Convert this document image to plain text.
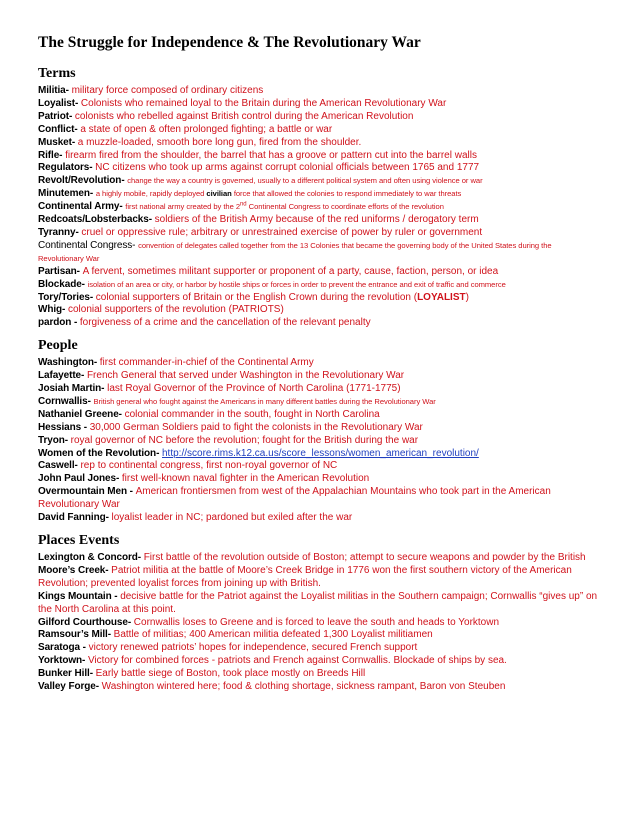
The Struggle for Independence & The Revolutionary War
Terms
Militia- military force composed of ordinary citizens
Loyalist- Colonists who remained loyal to the Britain during the American Revolutionary War
Patriot- colonists who rebelled against British control during the American Revolution
Conflict- a state of open & often prolonged fighting; a battle or war
Musket- a muzzle-loaded, smooth bore long gun, fired from the shoulder.
Rifle- firearm fired from the shoulder, the barrel that has a groove or pattern cut into the barrel walls
Regulators- NC citizens who took up arms against corrupt colonial officials between 1765 and 1777
Revolt/Revolution- change the way a country is governed, usually to a different political system and often using violence or war
Minutemen- a highly mobile, rapidly deployed civilian force that allowed the colonies to respond immediately to war threats
Continental Army- first national army created by the 2nd Continental Congress to coordinate efforts of the revolution
Redcoats/Lobsterbacks- soldiers of the British Army because of the red uniforms / derogatory term
Tyranny- cruel or oppressive rule; arbitrary or unrestrained exercise of power by ruler or government
Continental Congress- convention of delegates called together from the 13 Colonies that became the governing body of the United States during the Revolutionary War
Partisan- A fervent, sometimes militant supporter or proponent of a party, cause, faction, person, or idea
Blockade- isolation of an area or city, or harbor by hostile ships or forces in order to prevent the entrance and exit of traffic and commerce
Tory/Tories- colonial supporters of Britain or the English Crown during the revolution (LOYALIST)
Whig- colonial supporters of the revolution (PATRIOTS)
pardon - forgiveness of a crime and the cancellation of the relevant penalty
People
Washington- first commander-in-chief of the Continental Army
Lafayette- French General that served under Washington in the Revolutionary War
Josiah Martin- last Royal Governor of the Province of North Carolina (1771-1775)
Cornwallis- British general who fought against the Americans in many different battles during the Revolutionary War
Nathaniel Greene- colonial commander in the south, fought in North Carolina
Hessians - 30,000 German Soldiers paid to fight the colonists in the Revolutionary War
Tryon- royal governor of NC before the revolution; fought for the British during the war
Women of the Revolution- http://score.rims.k12.ca.us/score_lessons/women_american_revolution/
Caswell- rep to continental congress, first non-royal governor of NC
John Paul Jones- first well-known naval fighter in the American Revolution
Overmountain Men - American frontiersmen from west of the Appalachian Mountains who took part in the American Revolutionary War
David Fanning- loyalist leader in NC; pardoned but exiled after the war
Places Events
Lexington & Concord- First battle of the revolution outside of Boston; attempt to secure weapons and powder by the British
Moore’s Creek- Patriot militia at the battle of Moore’s Creek Bridge in 1776 won the first southern victory of the American Revolution; prevented loyalist forces from joining up with British.
Kings Mountain - decisive battle for the Patriot against the Loyalist militias in the Southern campaign; Cornwallis “gives up” on the North Carolina at this point.
Gilford Courthouse- Cornwallis loses to Greene and is forced to leave the south and heads to Yorktown
Ramsour’s Mill- Battle of militias; 400 American militia defeated 1,300 Loyalist militiamen
Saratoga - victory renewed patriots’ hopes for independence, secured French support
Yorktown- Victory for combined forces - patriots and French against Cornwallis. Blockade of ships by sea.
Bunker Hill- Early battle siege of Boston, took place mostly on Breeds Hill
Valley Forge- Washington wintered here; food & clothing shortage, sickness rampant, Baron von Steuben
